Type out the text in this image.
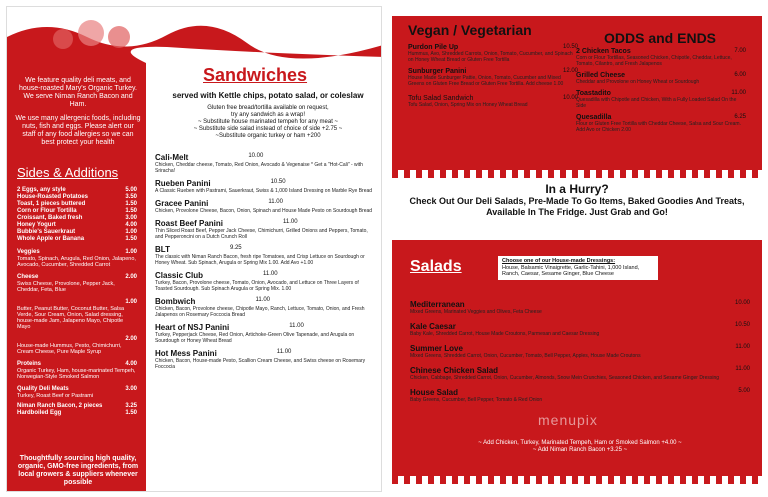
We feature quality deli meats, and house-roasted Mary's Organic Turkey. We serve Niman Ranch Bacon and Ham.

We use many allergenic foods, including nuts, fish and eggs. Please alert our staff of any food allergies so we can best protect your health

Sides & Additions
2 Eggs, any style	5.00
House-Roasted Potatoes	3.50
Toast, 1 pieces buttered	1.50
Corn or Flour Tortilla	1.50
Croissant, Baked fresh	3.00
Honey Yogurt	4.00
Bubbie's Sauerkraut	1.00
Whole Apple or Banana	1.50
Veggies	1.00
Tomato, Spinach, Arugula, Red Onion, Jalapeno, Avocado, Cucumber, Shredded Carrot
Cheese	2.00
Swiss Cheese, Provolone, Pepper Jack, Cheddar, Feta, Blue
1.00
Butter, Peanut Butter, Coconut Butter, Salsa Verde, Sour Cream, Onion, Salad dressing, house-made Jam, Jalapeno Mayo, Chipotle Mayo
2.00
House-made Hummus, Pesto, Chimichurri, Cream Cheese, Pure Maple Syrup
Proteins	4.00
Organic Turkey, Ham, house-marinated Tempeh, Norwegian-Style Smoked Salmon
Quality Deli Meats	3.00
Turkey, Roast Beef or Pastrami
Niman Ranch Bacon, 2 pieces	3.25
Hardboiled Egg	1.50
Thoughtfully sourcing high quality, organic, GMO-free ingredients, from local growers & suppliers whenever possible
Sandwiches
served with Kettle chips, potato salad, or coleslaw
Gluten free bread/tortilla available on request,
try any sandwich as a wrap!
~ Substitute house marinated tempeh for any meat ~
~ Substitute side salad instead of choice of side +2.75 ~
~Substitute organic turkey or ham +200
Cali-Melt	10.00
Chicken, Cheddar cheese, Tomato, Red Onion, Avocado & Vegenaise * Get a "Hot-Cali" - with Sriracha!
Rueben Panini	10.50
A Classic Rueben with Pastrami, Sauerkraut, Swiss & 1,000 Island Dressing on Marble Rye Bread
Gracee Panini	11.00
Chicken, Provolone Cheese, Bacon, Onion, Spinach and House Made Pesto on Sourdough Bread
Roast Beef Panini	11.00
Thin Sliced Roast Beef, Pepper Jack Cheese, Chimichurri, Grilled Onions and Peppers, Tomato, and Pepperoncini on a Dutch Crunch Roll
BLT	9.25
The classic with Niman Ranch Bacon, fresh ripe Tomatoes, and Crisp Lettuce on Sourdough or Honey Wheat. Sub Spinach, Arugula or Spring Mix 1.00. Add Avo +1.00
Classic Club	11.00
Turkey, Bacon, Provolone cheese, Tomato, Onion, Avocado, and Lettuce on Three Layers of Toasted Sourdough. Sub Spinach Arugula or Spring Mix. 1.00
Bombwich	11.00
Chicken, Bacon, Provolone cheese, Chipotle Mayo, Ranch, Lettuce, Tomato, Onion, and Fresh Jalapenos on Rosemary Foccocia Bread
Heart of NSJ Panini	11.00
Turkey, Pepperjack Cheese, Red Onion, Artichoke-Green Olive Tapenade, and Arugula on Sourdough or Honey Wheat Bread
Hot Mess Panini	11.00
Chicken, Bacon, House-made Pesto, Scallion Cream Cheese, and Swiss cheese on Rosemary Foccocia
Vegan / Vegetarian	ODDS and ENDS
Purdon Pile Up	10.50
Hummus, Avo, Shredded Carrots, Onion, Tomato, Cucumber, and Spinach on Honey Wheat Bread or Gluten Free Tortilla
Sunburger Panini	12.00
House Made Sunburger Pattie, Onion, Tomato, Cucumber and Mixed Greens on Gluten Free Bread or Gluten Free Tortilla. Add cheese 1.00
Tofu Salad Sandwich	10.00
Tofu Salad, Onion, Spring Mix on Honey Wheat Bread
2 Chicken Tacos	7.00
Corn or Flour Tortillas, Seasoned Chicken, Chipotle, Cheddar, Lettuce, Tomato, Cilantro, and Fresh Jalapenos
Grilled Cheese	6.00
Cheddar and Provolone on Honey Wheat or Sourdough
Toastadito	11.00
Quesadilla with Chipotle and Chicken, With a Fully Loaded Salad On the Side
Quesadilla	6.25
Flour or Gluten Free Tortilla with Cheddar Cheese, Salsa and Sour Cream. Add Avo or Chicken 2.00
In a Hurry?
Check Out Our Deli Salads, Pre-Made To Go Items, Baked Goodies And Treats, Available In The Fridge. Just Grab and Go!
Salads	Choose one of our House-made Dressings:
House, Balsamic Vinaigrette, Garlic-Tahini, 1,000 Island, Ranch, Caesar, Sesame Ginger, Blue Cheese
Mediterranean	10.00
Mixed Greens, Marinated Veggies and Olives, Feta Cheese
Kale Caesar	10.50
Baby Kale, Shredded Carrot, House Made Croutons, Parmesan and Caesar Dressing
Summer Love	11.00
Mixed Greens, Shredded Carrot, Onion, Cucumber, Tomato, Bell Pepper, Apples, House Made Croutons
Chinese Chicken Salad	11.00
Chicken, Cabbage, Shredded Carrot, Onion, Cucumber, Almonds, Snow Mein Crunchies, Seasoned Chicken, and Sesame Ginger Dressing
House Salad	5.00
Baby Greens, Cucumber, Bell Pepper, Tomato & Red Onion
menupix
~ Add Chicken, Turkey, Marinated Tempeh, Ham or Smoked Salmon +4.00 ~
~ Add Niman Ranch Bacon +3.25 ~
